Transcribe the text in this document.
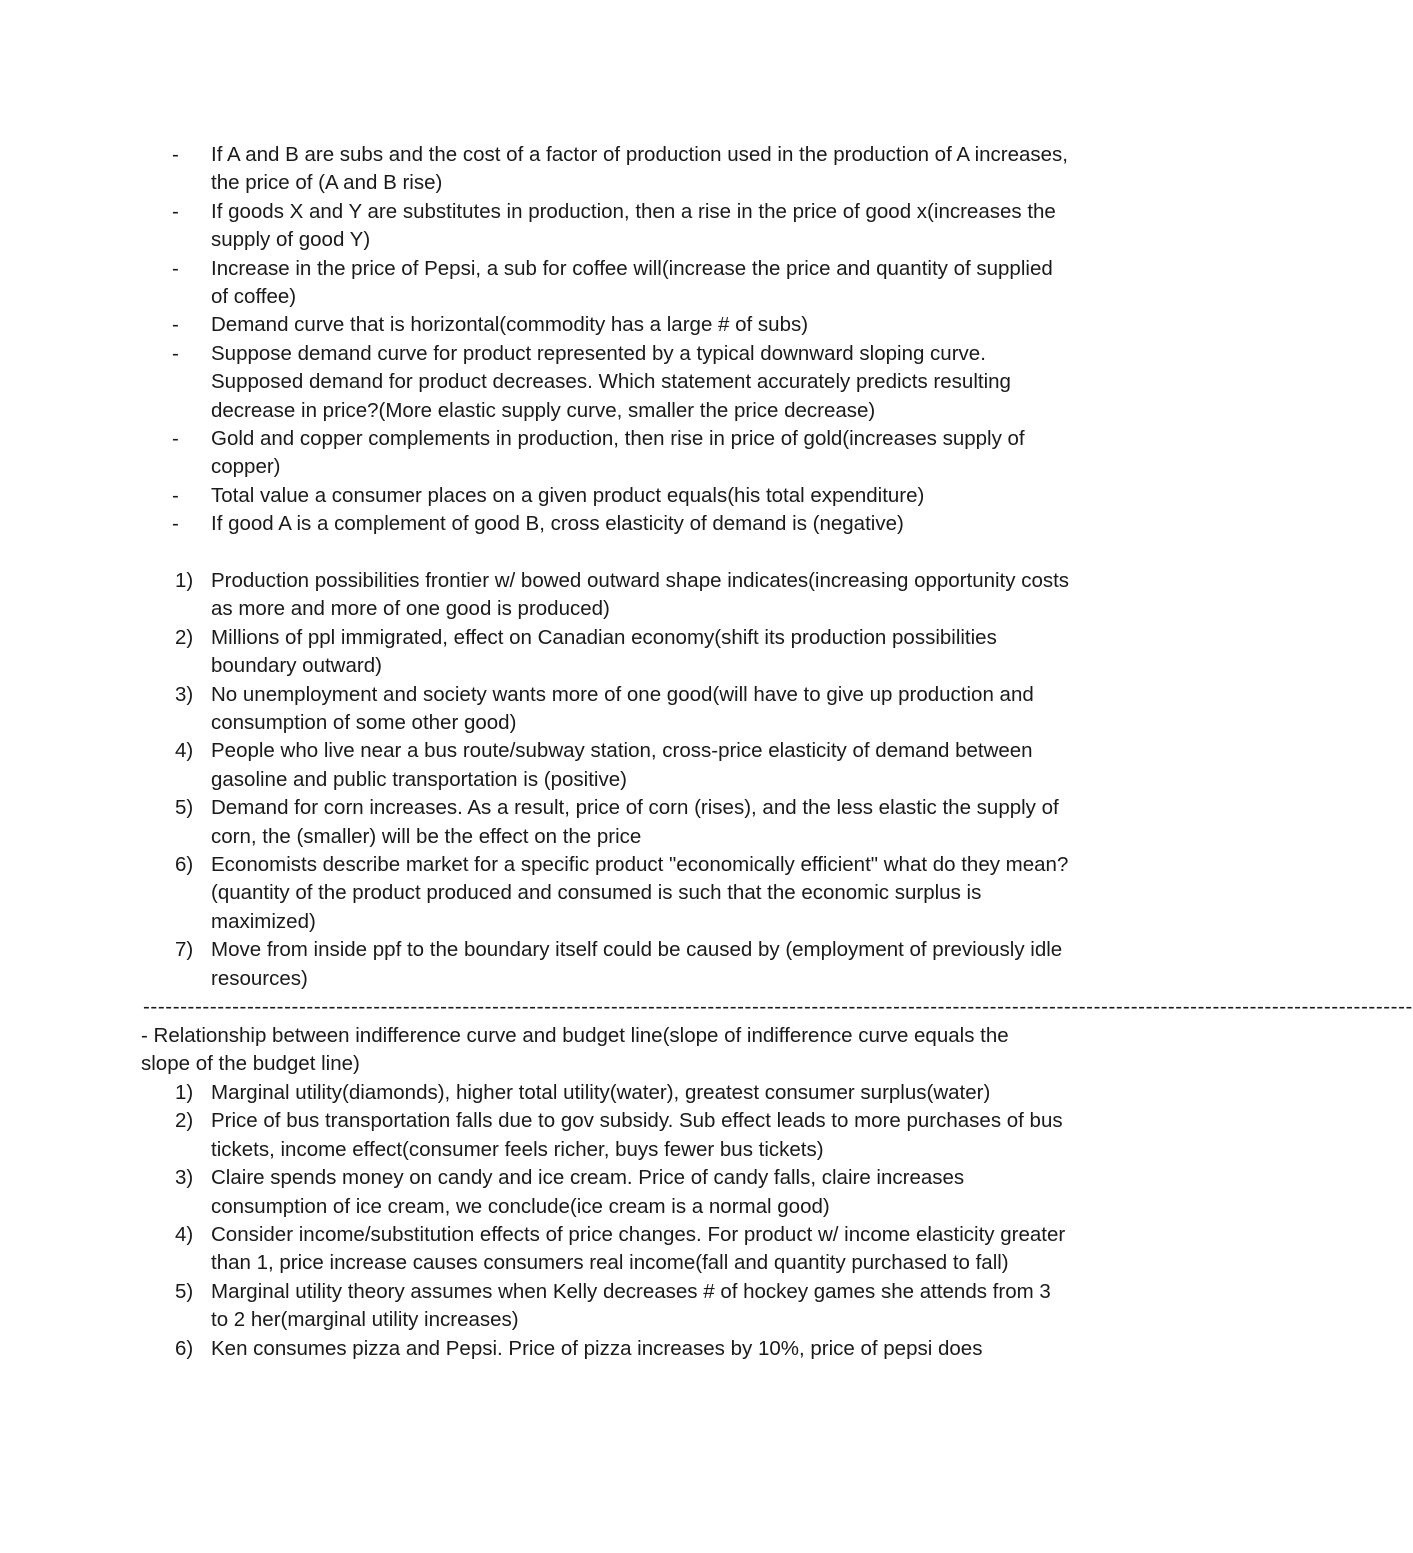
- If A and B are subs and the cost of a factor of production used in the production of A increases, the price of (A and B rise)
- If goods X and Y are substitutes in production, then a rise in the price of good x(increases the supply of good Y)
- Increase in the price of Pepsi, a sub for coffee will(increase the price and quantity of supplied of coffee)
- Demand curve that is horizontal(commodity has a large # of subs)
- Suppose demand curve for product represented by a typical downward sloping curve. Supposed demand for product decreases. Which statement accurately predicts resulting decrease in price?(More elastic supply curve, smaller the price decrease)
- Gold and copper complements in production, then rise in price of gold(increases supply of copper)
- Total value a consumer places on a given product equals(his total expenditure)
- If good A is a complement of good B, cross elasticity of demand is (negative)
1) Production possibilities frontier w/ bowed outward shape indicates(increasing opportunity costs as more and more of one good is produced)
2) Millions of ppl immigrated, effect on Canadian economy(shift its production possibilities boundary outward)
3) No unemployment and society wants more of one good(will have to give up production and consumption of some other good)
4) People who live near a bus route/subway station, cross-price elasticity of demand between gasoline and public transportation is (positive)
5) Demand for corn increases. As a result, price of corn (rises), and the less elastic the supply of corn, the (smaller) will be the effect on the price
6) Economists describe market for a specific product "economically efficient" what do they mean?(quantity of the product produced and consumed is such that the economic surplus is maximized)
7) Move from inside ppf to the boundary itself could be caused by (employment of previously idle resources)
---------------------------------------------------------------------------------------------------------------------------------------------------------------------------
- Relationship between indifference curve and budget line(slope of indifference curve equals the slope of the budget line)
1) Marginal utility(diamonds), higher total utility(water), greatest consumer surplus(water)
2) Price of bus transportation falls due to gov subsidy. Sub effect leads to more purchases of bus tickets, income effect(consumer feels richer, buys fewer bus tickets)
3) Claire spends money on candy and ice cream. Price of candy falls, claire increases consumption of ice cream, we conclude(ice cream is a normal good)
4) Consider income/substitution effects of price changes. For product w/ income elasticity greater than 1, price increase causes consumers real income(fall and quantity purchased to fall)
5) Marginal utility theory assumes when Kelly decreases # of hockey games she attends from 3 to 2 her(marginal utility increases)
6) Ken consumes pizza and Pepsi. Price of pizza increases by 10%, price of pepsi does
